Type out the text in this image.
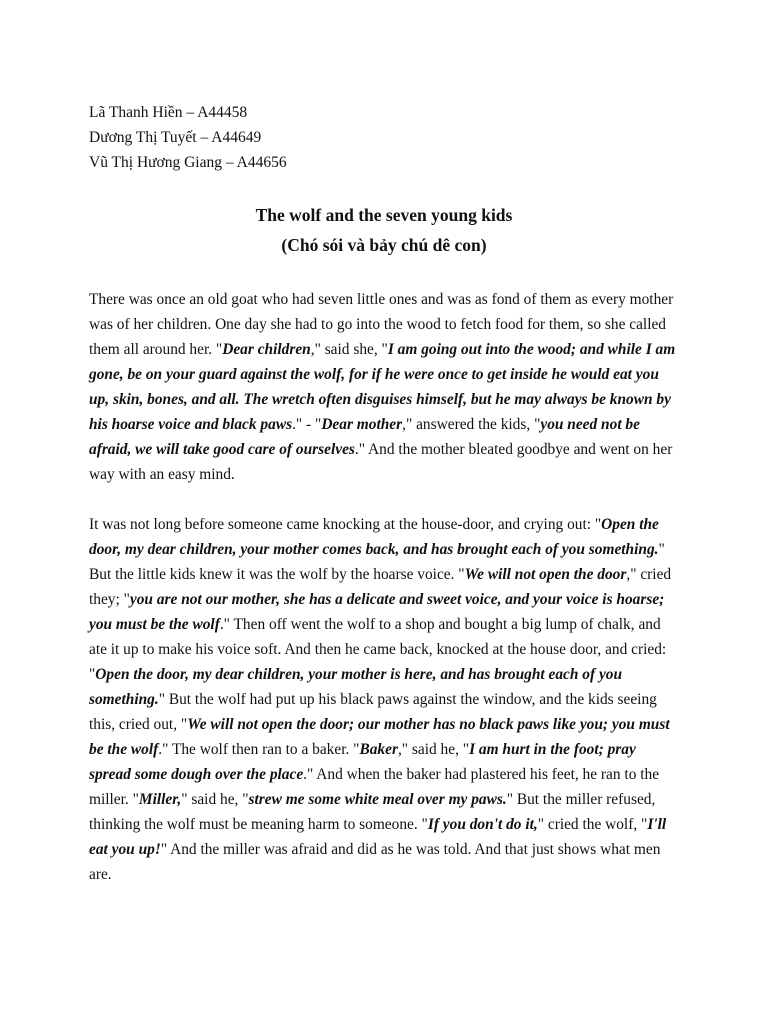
Lã Thanh Hiền – A44458
Dương Thị Tuyết – A44649
Vũ Thị Hương Giang – A44656
The wolf and the seven young kids
(Chó sói và bảy chú dê con)
There was once an old goat who had seven little ones and was as fond of them as every mother was of her children. One day she had to go into the wood to fetch food for them, so she called them all around her. "Dear children," said she, "I am going out into the wood; and while I am gone, be on your guard against the wolf, for if he were once to get inside he would eat you up, skin, bones, and all. The wretch often disguises himself, but he may always be known by his hoarse voice and black paws." - "Dear mother," answered the kids, "you need not be afraid, we will take good care of ourselves." And the mother bleated goodbye and went on her way with an easy mind.
It was not long before someone came knocking at the house-door, and crying out: "Open the door, my dear children, your mother comes back, and has brought each of you something." But the little kids knew it was the wolf by the hoarse voice. "We will not open the door," cried they; "you are not our mother, she has a delicate and sweet voice, and your voice is hoarse; you must be the wolf." Then off went the wolf to a shop and bought a big lump of chalk, and ate it up to make his voice soft. And then he came back, knocked at the house door, and cried: "Open the door, my dear children, your mother is here, and has brought each of you something." But the wolf had put up his black paws against the window, and the kids seeing this, cried out, "We will not open the door; our mother has no black paws like you; you must be the wolf." The wolf then ran to a baker. "Baker," said he, "I am hurt in the foot; pray spread some dough over the place." And when the baker had plastered his feet, he ran to the miller. "Miller," said he, "strew me some white meal over my paws." But the miller refused, thinking the wolf must be meaning harm to someone. "If you don't do it," cried the wolf, "I'll eat you up!" And the miller was afraid and did as he was told. And that just shows what men are.
